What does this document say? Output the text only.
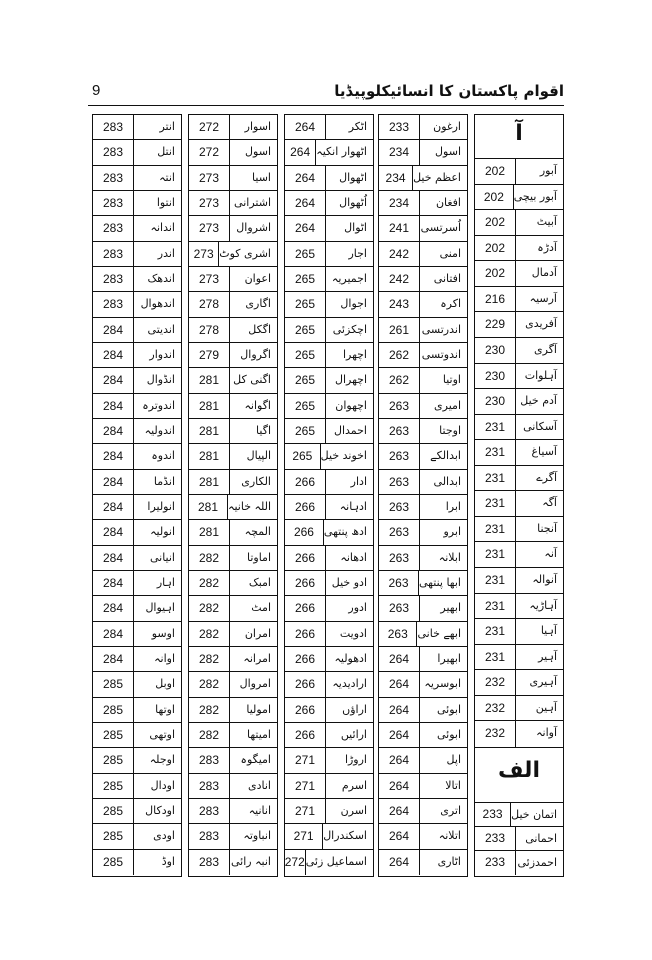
اقوام پاکستان کا انسائیکلوپیڈیا
9
انتر
283
انتل
283
انتہ
283
انتوا
283
اندانہ
283
اندر
283
اندھک
283
اندھوال
283
اندیتی
284
اندوار
284
انڈوال
284
اندوترہ
284
اندولیہ
284
اندوہ
284
انڈما
284
انولیرا
284
انولیہ
284
انیانی
284
اہار
284
اہیوال
284
اوسو
284
اوانہ
284
اوبل
285
اوتھا
285
اوتھی
285
اوجلہ
285
اودال
285
اودکال
285
اودی
285
اوڈ
285
اسوار
272
اسول
272
اسیا
273
اشترانی
273
اشروال
273
اشری کوٹ
273
اعوان
273
اگاری
278
اگکل
278
اگروال
279
اگنی کل
281
اگوانہ
281
اگیا
281
الپیال
281
الکاری
281
اللہ خانیہ
281
المچہ
281
اماوتا
282
امبک
282
امٹ
282
امران
282
امرانہ
282
امروال
282
امولیا
282
امیتھا
282
امیگوہ
283
انادی
283
انانیہ
283
انباوتہ
283
انبہ رائی
283
اٹکر
264
اٹھوار انکیہ
264
اٹھوال
264
اُٹھوال
264
اٹوال
264
اجار
265
اجمیریہ
265
اجوال
265
اچکزئی
265
اچھرا
265
اچھرال
265
اچھوان
265
احمدال
265
اخوند خیل
265
ادار
266
ادہانہ
266
ادھ پنتھی
266
ادھانہ
266
ادو خیل
266
ادور
266
ادویت
266
ادھولیہ
266
ارادیدیہ
266
اراؤں
266
ارائیں
266
اروڑا
271
اسرم
271
اسرن
271
اسکندرال
271
اسماعیل زئی
272
ارغون
233
اسول
234
اعظم خیل
234
افغان
234
اُسرتسی
241
امنی
242
افتانی
242
اکرہ
243
اندرتسی
261
اندوتسی
262
اوتیا
262
امیری
263
اوجتا
263
ابدالکے
263
ابدالی
263
ابرا
263
ابرو
263
ابلانہ
263
ابھا پنتھی
263
ابھیر
263
ابھے خانی
263
ابھیرا
264
ابوسریہ
264
ابوئی
264
ابوئی
264
اپل
264
اتالا
264
اتری
264
اتلانہ
264
اٹاری
264
آ
الف
آبور
202
آبور بیچی
202
آبیٹ
202
آدڑہ
202
آدمال
202
آرسیہ
216
آفریدی
229
آگری
230
آہلوات
230
آدم خیل
230
آسکانی
231
آسیاغ
231
آگرے
231
آگہ
231
آنجنا
231
آنہ
231
آنوالہ
231
آہاڑیہ
231
آہیا
231
آہیر
231
آہیری
232
آہین
232
آوانہ
232
اتمان خیل
233
احمانی
233
احمدزئی
233
